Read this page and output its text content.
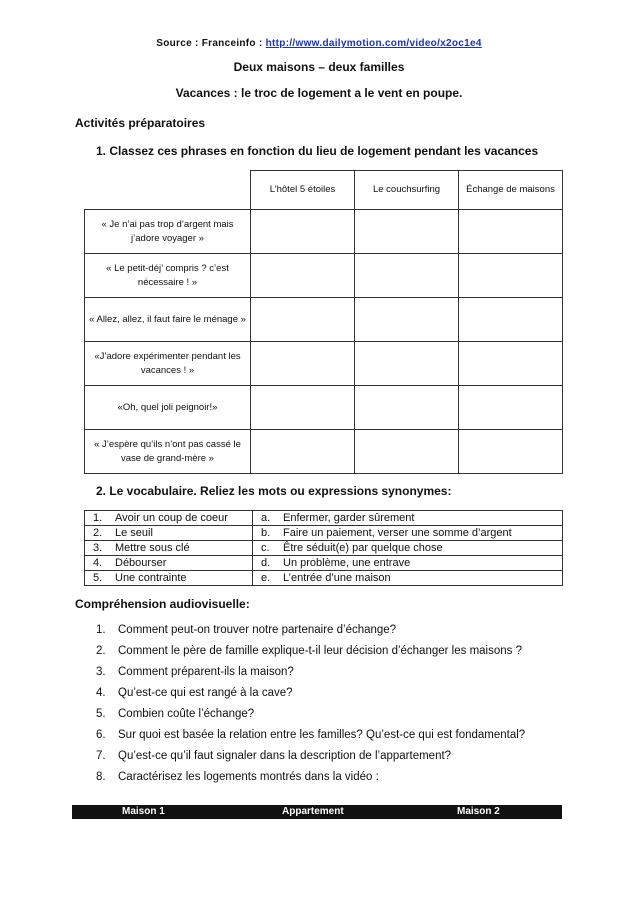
Source : Franceinfo : http://www.dailymotion.com/video/x2oc1e4
Deux maisons – deux familles
Vacances : le troc de logement a le vent en poupe.
Activités préparatoires
1. Classez ces phrases en fonction du lieu de logement pendant les vacances
	L’hôtel 5 étoiles	Le couchsurfing	Échange de maisons
« Je n’ai pas trop d’argent mais j’adore voyager »			
« Le petit-déj’ compris ? c’est nécessaire ! »			
« Allez, allez, il faut faire le ménage »			
«J’adore expérimenter pendant les vacances ! »			
«Oh, quel joli peignoir!»			
« J’espère qu’ils n’ont pas cassé le vase de grand-mère »			
2. Le vocabulaire. Reliez les mots ou expressions synonymes:
1. Avoir un coup de coeur	a. Enfermer, garder sûrement
2. Le seuil	b. Faire un paiement, verser une somme d’argent
3. Mettre sous clé	c. Être séduit(e) par quelque chose
4. Débourser	d. Un problème, une entrave
5. Une contrainte	e. L’entrée d’une maison
Compréhension audiovisuelle:
1. Comment peut-on trouver notre partenaire d’échange?
2. Comment le père de famille explique-t-il leur décision d’échanger les maisons ?
3. Comment préparent-ils la maison?
4. Qu’est-ce qui est rangé à la cave?
5. Combien coûte l’échange?
6. Sur quoi est basée la relation entre les familles? Qu’est-ce qui est fondamental?
7. Qu’est-ce qu’il faut signaler dans la description de l’appartement?
8. Caractérisez les logements montrés dans la vidéo :
Maison 1	Appartement	Maison 2
